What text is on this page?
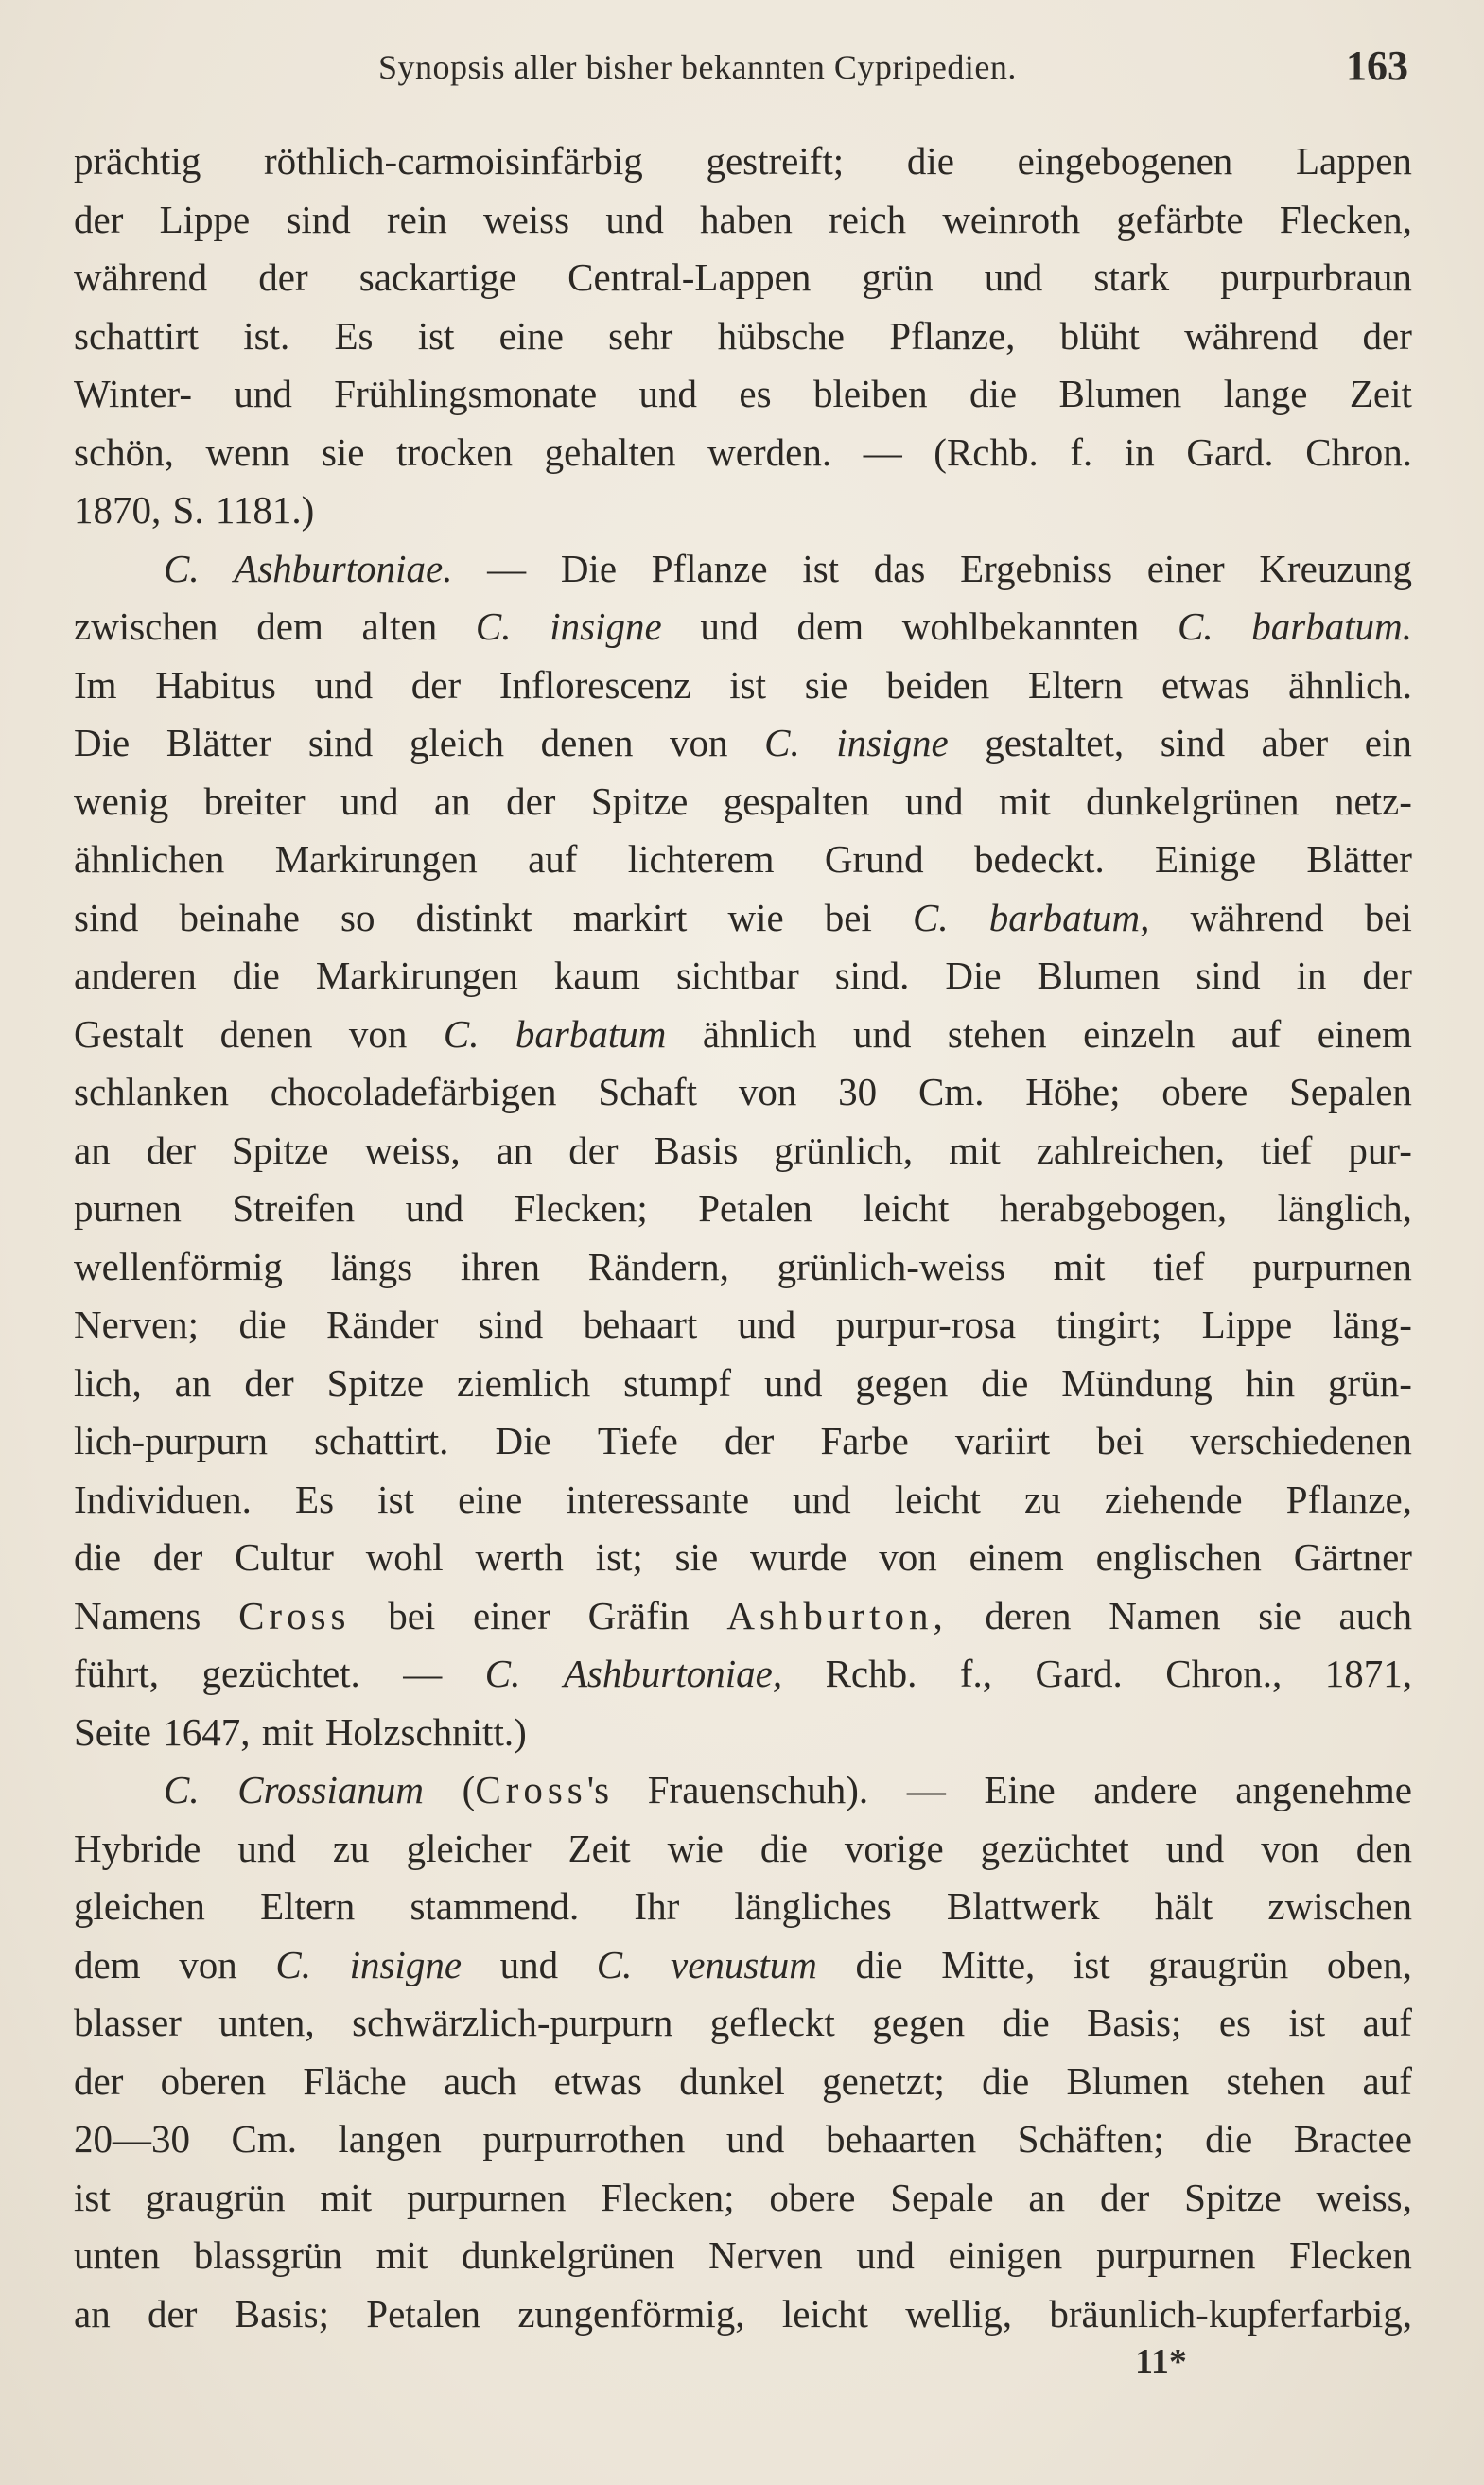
Synopsis aller bisher bekannten Cypripedien.	163
prächtig röthlich-carmoisinfärbig gestreift; die eingebogenen Lappen
der Lippe sind rein weiss und haben reich weinroth gefärbte Flecken,
während der sackartige Central-Lappen grün und stark purpurbraun
schattirt ist. Es ist eine sehr hübsche Pflanze, blüht während der
Winter- und Frühlingsmonate und es bleiben die Blumen lange Zeit
schön, wenn sie trocken gehalten werden. — (Rchb. f. in Gard. Chron.
1870, S. 1181.)
C. Ashburtoniae. — Die Pflanze ist das Ergebniss einer Kreuzung
zwischen dem alten C. insigne und dem wohlbekannten C. barbatum.
Im Habitus und der Inflorescenz ist sie beiden Eltern etwas ähnlich.
Die Blätter sind gleich denen von C. insigne gestaltet, sind aber ein
wenig breiter und an der Spitze gespalten und mit dunkelgrünen netz-
ähnlichen Markirungen auf lichterem Grund bedeckt. Einige Blätter
sind beinahe so distinkt markirt wie bei C. barbatum, während bei
anderen die Markirungen kaum sichtbar sind. Die Blumen sind in der
Gestalt denen von C. barbatum ähnlich und stehen einzeln auf einem
schlanken chocoladefärbigen Schaft von 30 Cm. Höhe; obere Sepalen
an der Spitze weiss, an der Basis grünlich, mit zahlreichen, tief pur-
purnen Streifen und Flecken; Petalen leicht herabgebogen, länglich,
wellenförmig längs ihren Rändern, grünlich-weiss mit tief purpurnen
Nerven; die Ränder sind behaart und purpur-rosa tingirt; Lippe läng-
lich, an der Spitze ziemlich stumpf und gegen die Mündung hin grün-
lich-purpurn schattirt. Die Tiefe der Farbe variirt bei verschiedenen
Individuen. Es ist eine interessante und leicht zu ziehende Pflanze,
die der Cultur wohl werth ist; sie wurde von einem englischen Gärtner
Namens Cross bei einer Gräfin Ashburton, deren Namen sie auch
führt, gezüchtet. — C. Ashburtoniae, Rchb. f., Gard. Chron., 1871,
Seite 1647, mit Holzschnitt.)
C. Crossianum (Cross's Frauenschuh). — Eine andere angenehme
Hybride und zu gleicher Zeit wie die vorige gezüchtet und von den
gleichen Eltern stammend. Ihr längliches Blattwerk hält zwischen
dem von C. insigne und C. venustum die Mitte, ist graugrün oben,
blasser unten, schwärzlich-purpurn gefleckt gegen die Basis; es ist auf
der oberen Fläche auch etwas dunkel genetzt; die Blumen stehen auf
20—30 Cm. langen purpurrothen und behaarten Schäften; die Bractee
ist graugrün mit purpurnen Flecken; obere Sepale an der Spitze weiss,
unten blassgrün mit dunkelgrünen Nerven und einigen purpurnen Flecken
an der Basis; Petalen zungenförmig, leicht wellig, bräunlich-kupferfarbig,
11*
